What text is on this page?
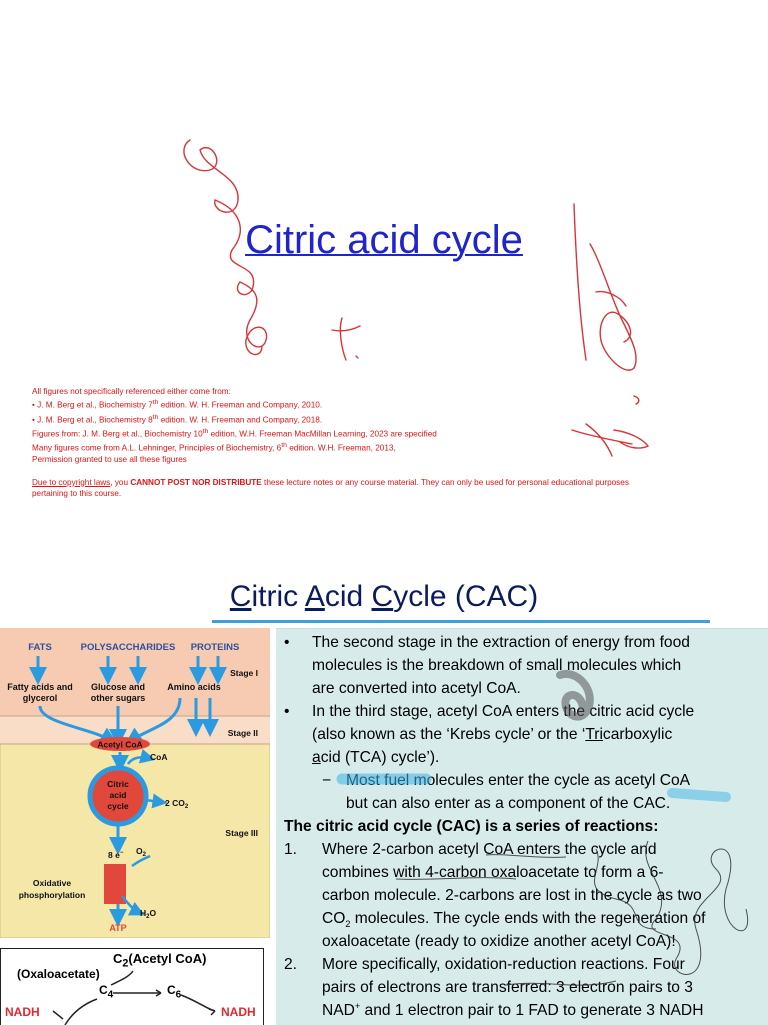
Citric acid cycle
All figures not specifically referenced either come from:
• J. M. Berg et al., Biochemistry 7th edition. W. H. Freeman and Company, 2010.
• J. M. Berg et al., Biochemistry 8th edition. W. H. Freeman and Company, 2018.
Figures from: J. M. Berg et al., Biochemistry 10th edition, W.H. Freeman MacMillan Learning, 2023 are specified
Many figures come from A.L. Lehninger, Principles of Biochemistry, 6th edition. W.H. Freeman, 2013,
Permission granted to use all these figures
Due to copyright laws, you CANNOT POST NOR DISTRIBUTE these lecture notes or any course material. They can only be used for personal educational purposes
pertaining to this course.
Citric Acid Cycle (CAC)
FATS	POLYSACCHARIDES PROTEINS
Fatty acids and
glycerol
Glucose and
other sugars
Amino acids
Stage I
Stage II
Acetyl CoA
CoA
Citric
acid
cycle	2 $CO_2$
Stage III
8 e− $O_2$
Oxidative
phosphorylation
$H_2O$
ATP
• The second stage in the extraction of energy from food
molecules is the breakdown of small molecules which
are converted into acetyl CoA.
• In the third stage, acetyl CoA enters the citric acid cycle
(also known as the ‘Krebs cycle’ or the ‘Tricarboxylic
acid (TCA) cycle’).
− Most fuel molecules enter the cycle as acetyl CoA
but can also enter as a component of the CAC.
The citric acid cycle (CAC) is a series of reactions:
1. Where 2-carbon acetyl CoA enters the cycle and
combines with 4-carbon oxaloacetate to form a 6-
carbon molecule. 2-carbons are lost in the cycle as two
$CO_2$ molecules. The cycle ends with the regeneration of
oxaloacetate (ready to oxidize another acetyl CoA)!
2. More specifically, oxidation-reduction reactions. Four
pairs of electrons are transferred: 3 electron pairs to 3
NAD+ and 1 electron pair to 1 FAD to generate 3 NADH
$C_2(Acetyl$ CoA)
(Oxaloacetate)
$C_4$	$C_6$
NADH	NADH
